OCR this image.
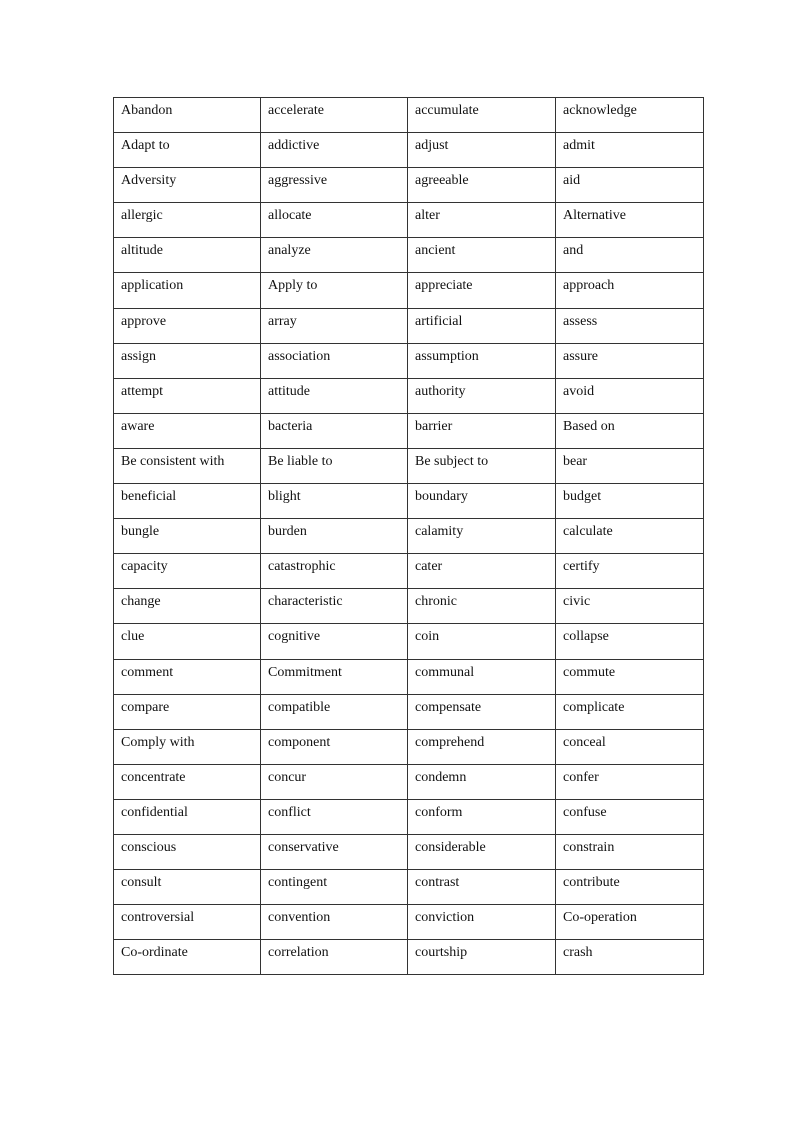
Abandon	accelerate	accumulate	acknowledge

Adapt to	addictive	adjust	admit

Adversity	aggressive	agreeable	aid

allergic	allocate	alter	Alternative

altitude	analyze	ancient	and

application	Apply to	appreciate	approach

approve	array	artificial	assess

assign	association	assumption	assure

attempt	attitude	authority	avoid

aware	bacteria	barrier	Based on

Be consistent with	Be liable to	Be subject to	bear

beneficial	blight	boundary	budget

bungle	burden	calamity	calculate

capacity	catastrophic	cater	certify

change	characteristic	chronic	civic

clue	cognitive	coin	collapse

comment	Commitment	communal	commute

compare	compatible	compensate	complicate

Comply with	component	comprehend	conceal

concentrate	concur	condemn	confer

confidential	conflict	conform	confuse

conscious	conservative	considerable	constrain

consult	contingent	contrast	contribute

controversial	convention	conviction	Co-operation

Co-ordinate	correlation	courtship	crash
